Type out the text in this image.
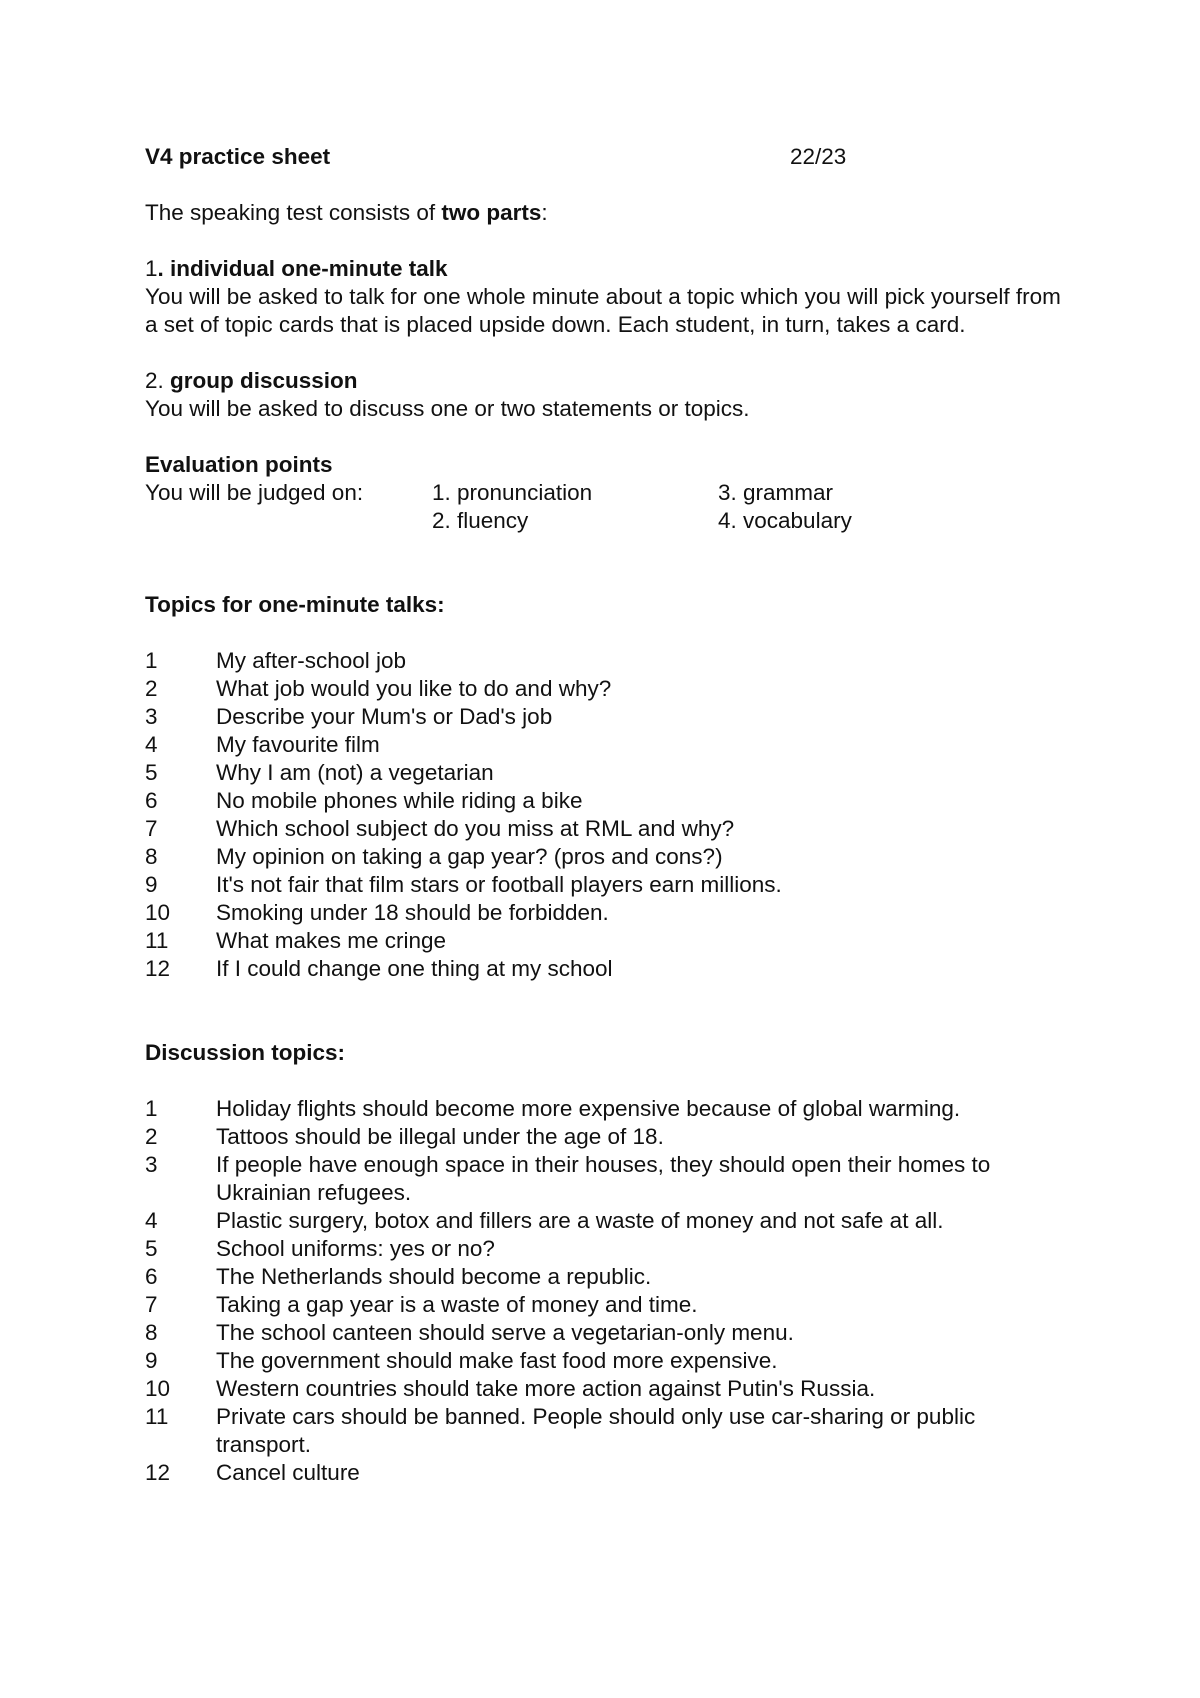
V4 practice sheet	22/23

The speaking test consists of two parts:

1. individual one-minute talk

You will be asked to talk for one whole minute about a topic which you will pick yourself from a set of topic cards that is placed upside down. Each student, in turn, takes a card.

2. group discussion

You will be asked to discuss one or two statements or topics.

Evaluation points

You will be judged on:	1. pronunciation	3. grammar
2. fluency	4. vocabulary

Topics for one-minute talks:

1	My after-school job
2	What job would you like to do and why?
3	Describe your Mum's or Dad's job
4	My favourite film
5	Why I am (not) a vegetarian
6	No mobile phones while riding a bike
7	Which school subject do you miss at RML and why?
8	My opinion on taking a gap year? (pros and cons?)
9	It's not fair that film stars or football players earn millions.
10	Smoking under 18 should be forbidden.
11	What makes me cringe
12	If I could change one thing at my school

Discussion topics:

1	Holiday flights should become more expensive because of global warming.
2	Tattoos should be illegal under the age of 18.
3	If people have enough space in their houses, they should open their homes to Ukrainian refugees.
4	Plastic surgery, botox and fillers are a waste of money and not safe at all.
5	School uniforms: yes or no?
6	The Netherlands should become a republic.
7	Taking a gap year is a waste of money and time.
8	The school canteen should serve a vegetarian-only menu.
9	The government should make fast food more expensive.
10	Western countries should take more action against Putin's Russia.
11	Private cars should be banned. People should only use car-sharing or public transport.
12	Cancel culture
